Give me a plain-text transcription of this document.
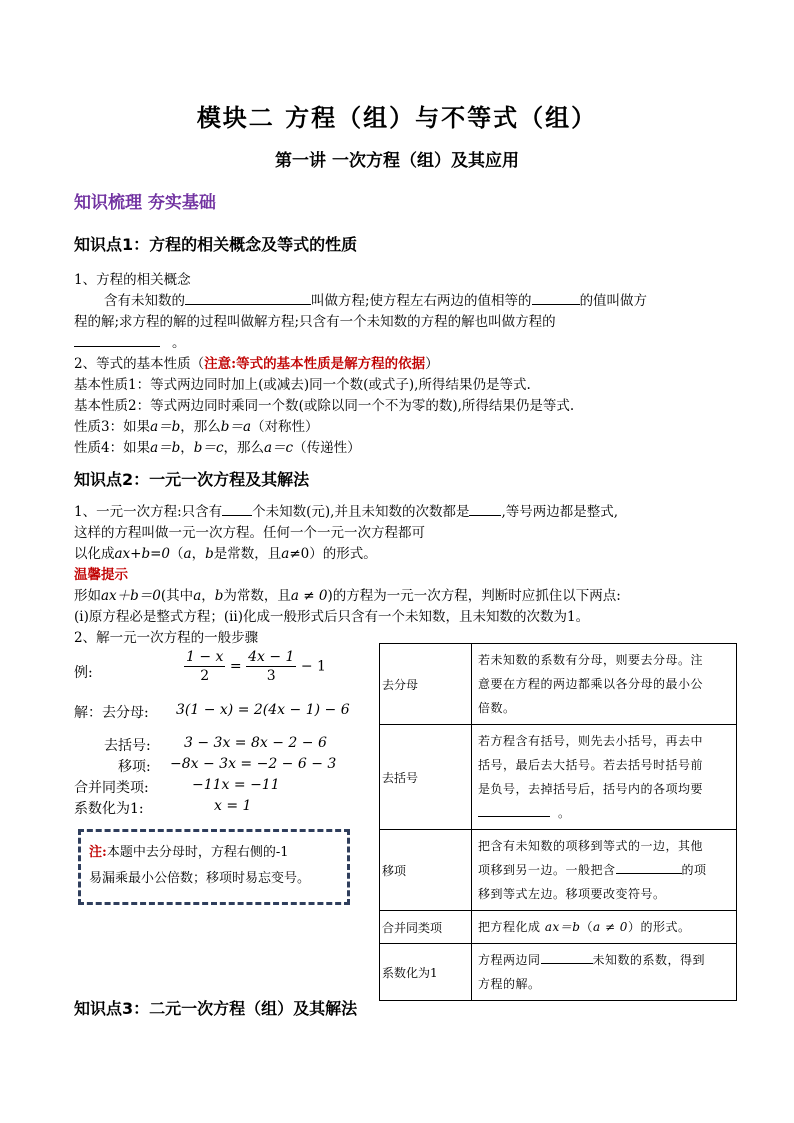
模块二 方程（组）与不等式（组）
第一讲 一次方程（组）及其应用
知识梳理 夯实基础
知识点1：方程的相关概念及等式的性质
1、方程的相关概念
含有未知数的	叫做方程;使方程左右两边的值相等的	的值叫做方
程的解;求方程的解的过程叫做解方程;只含有一个未知数的方程的解也叫做方程的
。
2、等式的基本性质（注意:等式的基本性质是解方程的依据）
基本性质1：等式两边同时加上(或减去)同一个数(或式子),所得结果仍是等式.
基本性质2：等式两边同时乘同一个数(或除以同一个不为零的数),所得结果仍是等式.
性质3：如果a＝b，那么b＝a（对称性）
性质4：如果a＝b，b＝c，那么a＝c（传递性）
知识点2：一元一次方程及其解法
1、一元一次方程:只含有 个未知数(元),并且未知数的次数都是 ,等号两边都是整式,
这样的方程叫做一元一次方程。任何一个一元一次方程都可
以化成ax+b=0（a，b是常数，且a≠0）的形式。
温馨提示
形如ax＋b＝0(其中a，b为常数，且a ≠ 0)的方程为一元一次方程，判断时应抓住以下两点:
(i)原方程必是整式方程；(ii)化成一般形式后只含有一个未知数，且未知数的次数为1。
2、解一元一次方程的一般步骤
例:	$\frac{1 - x}{2} = \frac{4x - 1}{3} - 1$
解：去分母: 3(1 − x) = 2(4x − 1) − 6
去括号: 3 − 3x = 8x − 2 − 6
移项: −8x − 3x = −2 − 6 − 3
合并同类项:	−11x = −11
系数化为1:	x = 1
注:本题中去分母时，方程右侧的-1
易漏乘最小公倍数；移项时易忘变号。
去分母	若未知数的系数有分母，则要去分母。注
意要在方程的两边都乘以各分母的最小公
倍数。

去括号	若方程含有括号，则先去小括号，再去中
括号，最后去大括号。若去括号时括号前
是负号，去掉括号后，括号内的各项均要
。

移项	把含有未知数的项移到等式的一边，其他
项移到另一边。一般把含 的项
移到等式左边。移项要改变符号。

合并同类项	把方程化成 ax＝b（a ≠ 0）的形式。
系数化为1	方程两边同 未知数的系数，得到
方程的解。
知识点3：二元一次方程（组）及其解法
